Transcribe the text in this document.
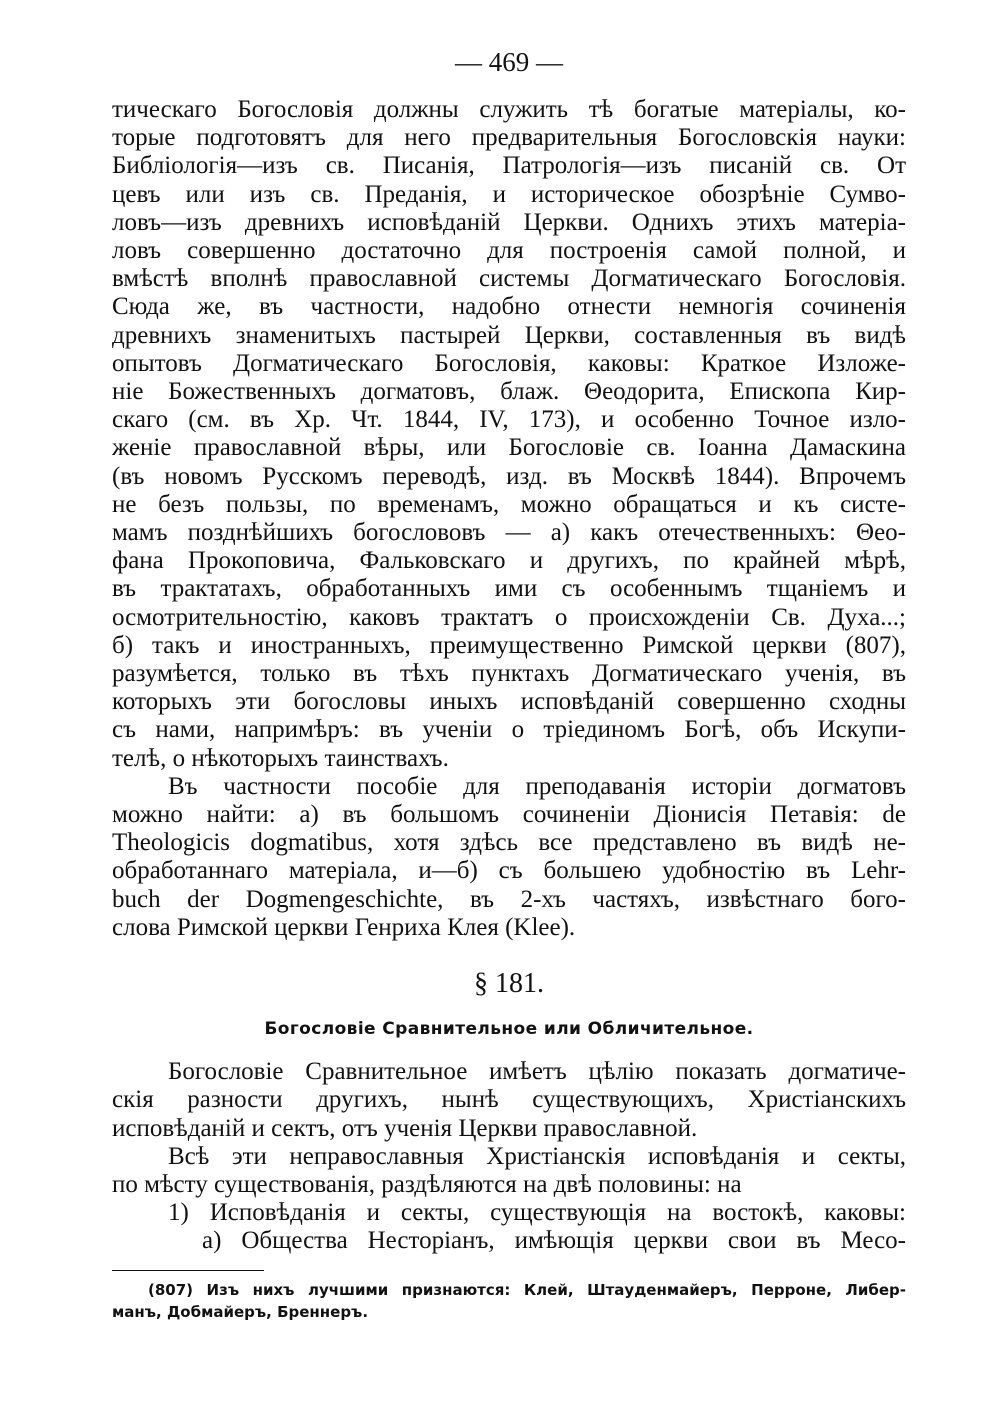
— 469 —
тическаго Богословія должны служить тѣ богатые матеріалы, ко-
торые подготовятъ для него предварительныя Богословскія науки:
Библіологія—изъ св. Писанія, Патрологія—изъ писаній св. От
цевъ или изъ св. Преданія, и историческое обозрѣніе Сумво-
ловъ—изъ древнихъ исповѣданій Церкви. Однихъ этихъ матеріа-
ловъ совершенно достаточно для построенія самой полной, и
вмѣстѣ вполнѣ православной системы Догматическаго Богословія.
Сюда же, въ частности, надобно отнести немногія сочиненія
древнихъ знаменитыхъ пастырей Церкви, составленныя въ видѣ
опытовъ Догматическаго Богословія, каковы: Краткое Изложе-
ніе Божественныхъ догматовъ, блаж. Θеодорита, Епископа Кир-
скаго (см. въ Хр. Чт. 1844, IV, 173), и особенно Точное изло-
женіе православной вѣры, или Богословіе св. Іоанна Дамаскина
(въ новомъ Русскомъ переводѣ, изд. въ Москвѣ 1844). Впрочемъ
не безъ пользы, по временамъ, можно обращаться и къ систе-
мамъ позднѣйшихъ богослововъ — а) какъ отечественныхъ: Θео-
фана Прокоповича, Фальковскаго и другихъ, по крайней мѣрѣ,
въ трактатахъ, обработанныхъ ими съ особеннымъ тщаніемъ и
осмотрительностію, каковъ трактатъ о происхожденіи Св. Духа...;
б) такъ и иностранныхъ, преимущественно Римской церкви (807),
разумѣется, только въ тѣхъ пунктахъ Догматическаго ученія, въ
которыхъ эти богословы иныхъ исповѣданій совершенно сходны
съ нами, напримѣръ: въ ученіи о трiединомъ Богѣ, объ Искупи-
телѣ, о нѣкоторыхъ таинствахъ.
Въ частности пособіе для преподаванія исторіи догматовъ
можно найти: а) въ большомъ сочиненіи Діонисія Петавія: de
Theologicis dogmatibus, хотя здѣсь все представлено въ видѣ не-
обработаннаго матеріала, и—б) съ большею удобностію въ Lehr-
buch der Dogmengeschichte, въ 2-хъ частяхъ, извѣстнаго бого-
слова Римской церкви Генриха Клея (Klee).
§ 181.
Богословіе Сравнительное или Обличительное.
Богословіе Сравнительное имѣетъ цѣлію показать догматиче-
скія разности другихъ, нынѣ существующихъ, Христіанскихъ
исповѣданій и сектъ, отъ ученія Церкви православной.
Всѣ эти неправославныя Христіанскія исповѣданія и секты,
по мѣсту существованія, раздѣляются на двѣ половины: на
1) Исповѣданія и секты, существующія на востокѣ, каковы:
а) Общества Несторіанъ, имѣющія церкви свои въ Месо-
(807) Изъ нихъ лучшими признаются: Клей, Штауденмайеръ, Перроне, Либер-
манъ, Добмайеръ, Бреннеръ.
